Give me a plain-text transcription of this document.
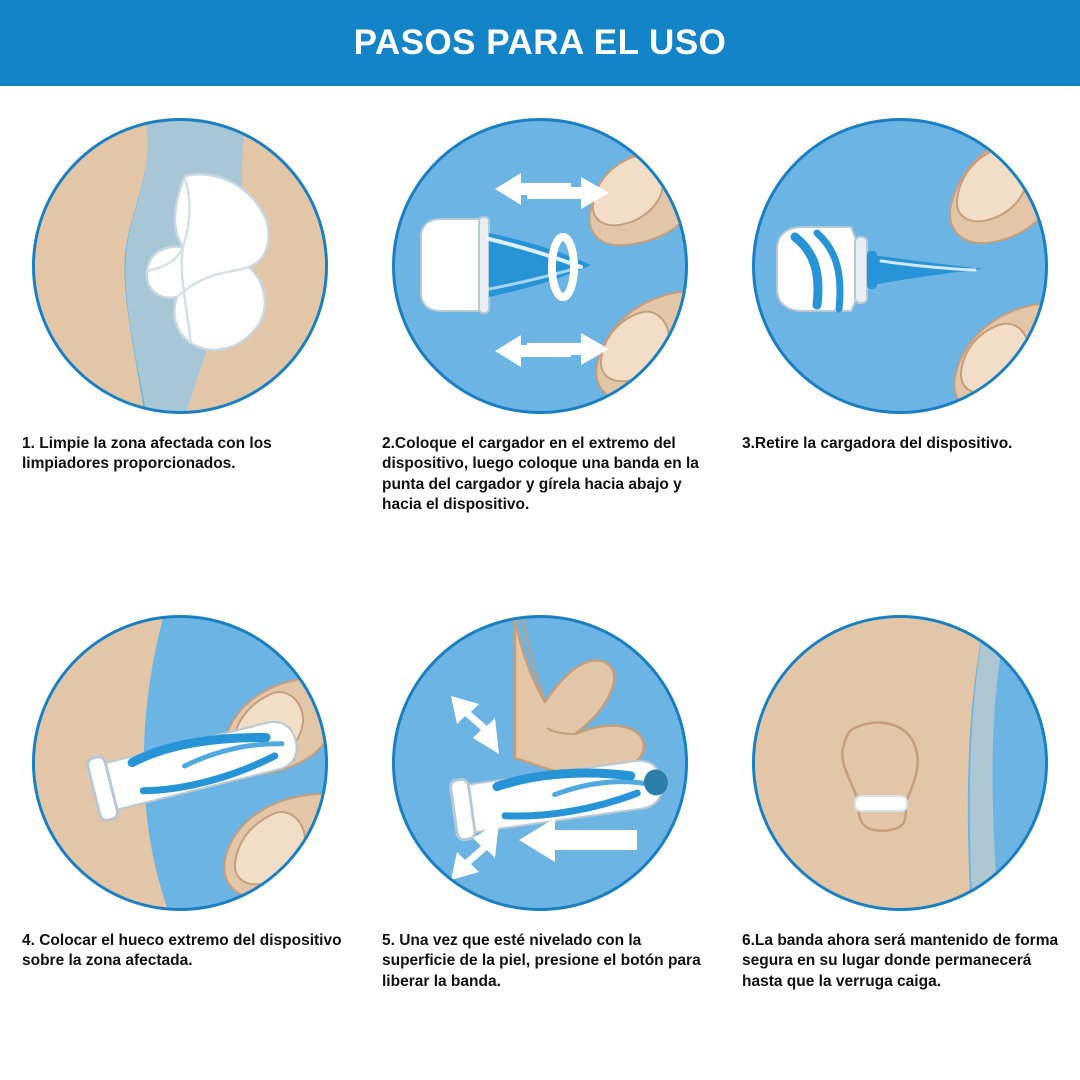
PASOS PARA EL USO
1. Limpie la zona afectada con los limpiadores proporcionados.
2.Coloque el cargador en el extremo del dispositivo, luego coloque una banda en la punta del cargador y gírela hacia abajo y hacia el dispositivo.
3.Retire la cargadora del dispositivo.
4. Colocar el hueco extremo del dispositivo sobre la zona afectada.
5. Una vez que esté nivelado con la superficie de la piel, presione el botón para liberar la banda.
6.La banda ahora será mantenido de forma segura en su lugar donde permanecerá hasta que la verruga caiga.
